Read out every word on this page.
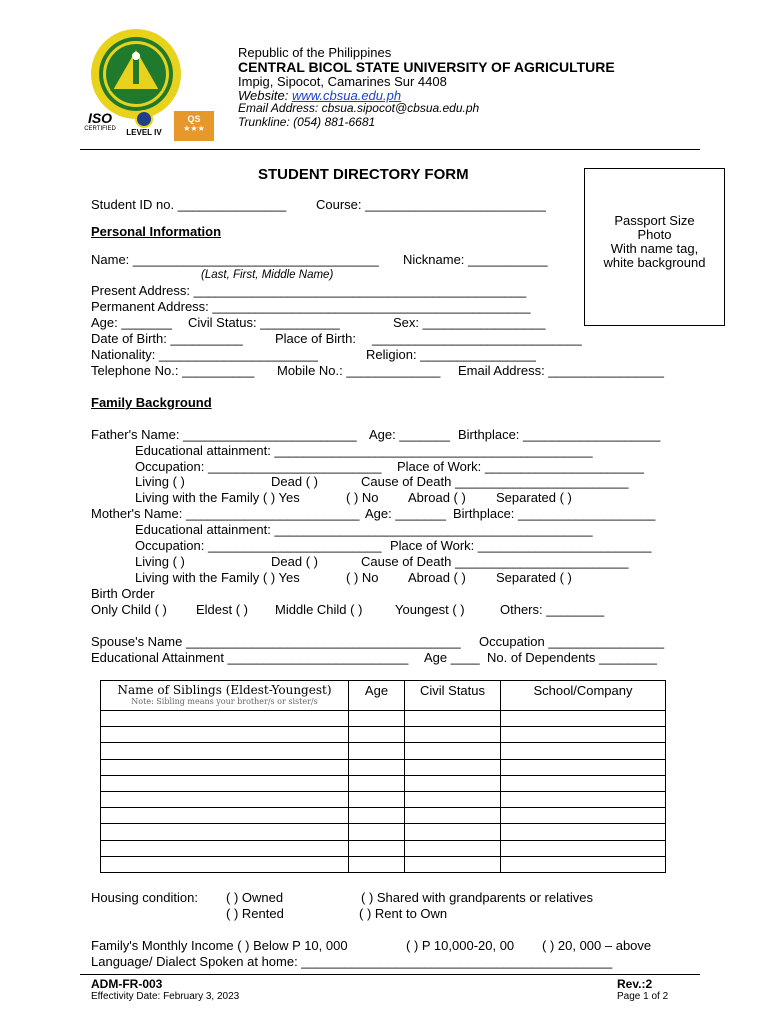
ISO
CERTIFIED LEVEL IV
QS
★★★
Republic of the Philippines
CENTRAL BICOL STATE UNIVERSITY OF AGRICULTURE
Impig, Sipocot, Camarines Sur 4408
Website: www.cbsua.edu.ph
Email Address: cbsua.sipocot@cbsua.edu.ph
Trunkline: (054) 881-6681
STUDENT DIRECTORY FORM
Passport Size
Photo
With name tag,
white background
Student ID no. _______________ Course: _________________________
Personal Information
Name: __________________________________ Nickname: ___________
(Last, First, Middle Name)
Present Address: ______________________________________________
Permanent Address: ____________________________________________
Age: _______ Civil Status: ___________	Sex: _________________
Date of Birth: __________ Place of Birth: _____________________________
Nationality: ______________________	Religion: ________________
Telephone No.: __________ Mobile No.: _____________ Email Address: ________________
Family Background
Father's Name: ________________________ Age: _______ Birthplace: ___________________
Educational attainment: ____________________________________________
Occupation: ________________________ Place of Work: ______________________
Living ( )	Dead ( )	Cause of Death ________________________
Living with the Family ( ) Yes	( ) No Abroad ( ) Separated ( )
Mother's Name: ________________________ Age: _______ Birthplace: ___________________
Educational attainment: ____________________________________________
Occupation: ________________________ Place of Work: ________________________
Living ( )	Dead ( )	Cause of Death ________________________
Living with the Family ( ) Yes	( ) No Abroad ( ) Separated ( )
Birth Order
Only Child ( ) Eldest ( ) Middle Child ( )	Youngest ( )	Others: ________
Spouse's Name ______________________________________ Occupation ________________
Educational Attainment _________________________ Age ____ No. of Dependents ________
Name of Siblings (Eldest-Youngest)
Note: Sibling means your brother/s or sister/s	Age	Civil Status	School/Company

Housing condition: ( ) Owned	( ) Shared with grandparents or relatives
( ) Rented	( ) Rent to Own
Family's Monthly Income ( ) Below P 10, 000	( ) P 10,000-20, 00 ( ) 20, 000 – above
Language/ Dialect Spoken at home: ___________________________________________
ADM-FR-003	Rev.:2
Effectivity Date: February 3, 2023	Page 1 of 2
